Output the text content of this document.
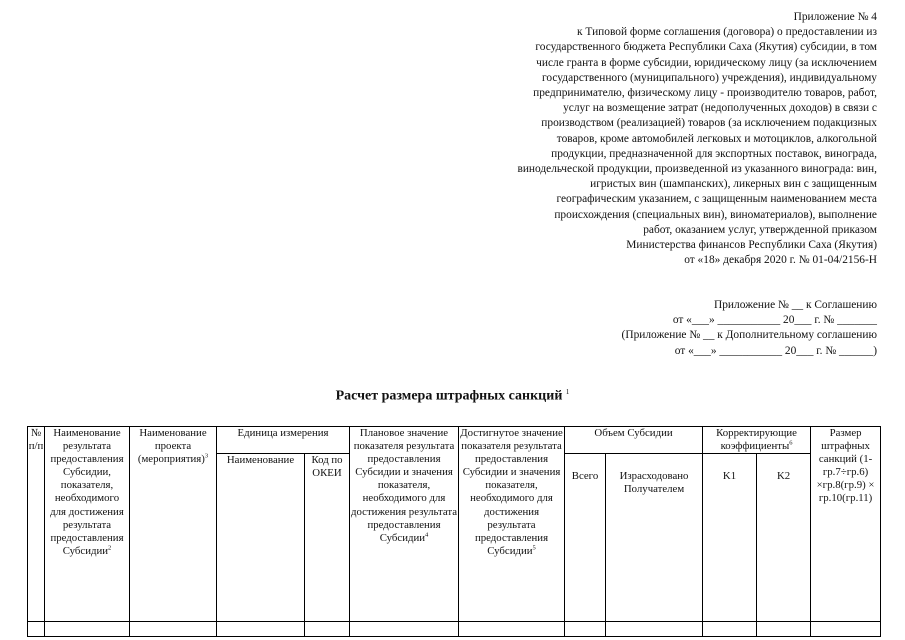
Приложение № 4
к Типовой форме соглашения (договора) о предоставлении из
государственного бюджета Республики Саха (Якутия) субсидии, в том
числе гранта в форме субсидии, юридическому лицу (за исключением
государственного (муниципального) учреждения), индивидуальному
предпринимателю, физическому лицу - производителю товаров, работ,
услуг на возмещение затрат (недополученных доходов) в связи с
производством (реализацией) товаров (за исключением подакцизных
товаров, кроме автомобилей легковых и мотоциклов, алкогольной
продукции, предназначенной для экспортных поставок, винограда,
винодельческой продукции, произведенной из указанного винограда: вин,
игристых вин (шампанских), ликерных вин с защищенным
географическим указанием, с защищенным наименованием места
происхождения (специальных вин), виноматериалов), выполнение
работ, оказанием услуг, утвержденной приказом
Министерства финансов Республики Саха (Якутия)
от «18» декабря 2020 г. № 01-04/2156-Н
Приложение № __ к Соглашению
от «___» ___________ 20___ г. № _______
(Приложение № __ к Дополнительному соглашению
от «___» ___________ 20___ г. № ______)
Расчет размера штрафных санкций $^1$
№ п/п	Наименование результата предоставления Субсидии, показателя, необходимого для достижения результата предоставления Субсидии$^2$	Наименование проекта (мероприятия)$^3$	Единица измерения		Плановое значение показателя результата предоставления Субсидии и значения показателя, необходимого для достижения результата предоставления Субсидии$^4$	Достигнутое значение показателя результата предоставления Субсидии и значения показателя, необходимого для достижения результата предоставления Субсидии$^5$	Объем Субсидии		Корректирующие коэффициенты$^6$		Размер штрафных санкций (1-гр.7÷гр.6) ×гр.8(гр.9) × гр.10(гр.11)
			Наименование	Код по ОКЕИ			Всего	Израсходовано Получателем	K1	K2	
